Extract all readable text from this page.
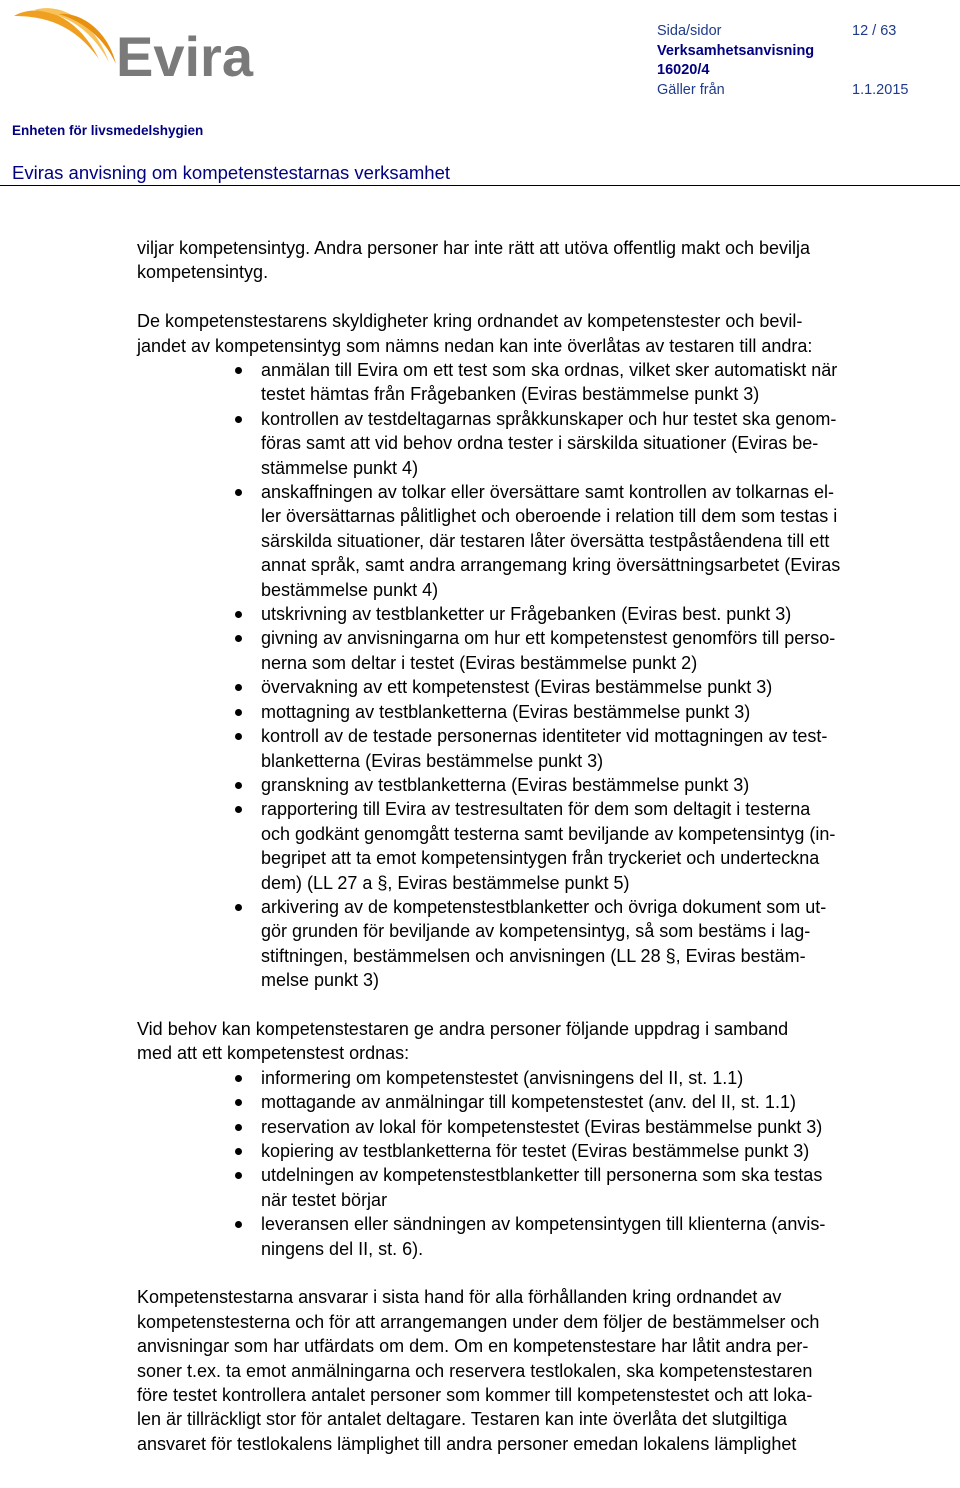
Evira	Sida/sidor	12 / 63
Verksamhetsanvisning
16020/4
Gäller från	1.1.2015
Enheten för livsmedelshygien
Eviras anvisning om kompetenstestarnas verksamhet

viljar kompetensintyg. Andra personer har inte rätt att utöva offentlig makt och bevilja
kompetensintyg.

De kompetenstestarens skyldigheter kring ordnandet av kompetenstester och bevil-
jandet av kompetensintyg som nämns nedan kan inte överlåtas av testaren till andra:

anmälan till Evira om ett test som ska ordnas, vilket sker automatiskt när
testet hämtas från Frågebanken (Eviras bestämmelse punkt 3)
kontrollen av testdeltagarnas språkkunskaper och hur testet ska genom-
föras samt att vid behov ordna tester i särskilda situationer (Eviras be-
stämmelse punkt 4)
anskaffningen av tolkar eller översättare samt kontrollen av tolkarnas el-
ler översättarnas pålitlighet och oberoende i relation till dem som testas i
särskilda situationer, där testaren låter översätta testpåståendena till ett
annat språk, samt andra arrangemang kring översättningsarbetet (Eviras
bestämmelse punkt 4)
utskrivning av testblanketter ur Frågebanken (Eviras best. punkt 3)
givning av anvisningarna om hur ett kompetenstest genomförs till perso-
nerna som deltar i testet (Eviras bestämmelse punkt 2)
övervakning av ett kompetenstest (Eviras bestämmelse punkt 3)
mottagning av testblanketterna (Eviras bestämmelse punkt 3)
kontroll av de testade personernas identiteter vid mottagningen av test-
blanketterna (Eviras bestämmelse punkt 3)
granskning av testblanketterna (Eviras bestämmelse punkt 3)
rapportering till Evira av testresultaten för dem som deltagit i testerna
och godkänt genomgått testerna samt beviljande av kompetensintyg (in-
begripet att ta emot kompetensintygen från tryckeriet och underteckna
dem) (LL 27 a §, Eviras bestämmelse punkt 5)
arkivering av de kompetenstestblanketter och övriga dokument som ut-
gör grunden för beviljande av kompetensintyg, så som bestäms i lag-
stiftningen, bestämmelsen och anvisningen (LL 28 §, Eviras bestäm-
melse punkt 3)

Vid behov kan kompetenstestaren ge andra personer följande uppdrag i samband
med att ett kompetenstest ordnas:

informering om kompetenstestet (anvisningens del II, st. 1.1)
mottagande av anmälningar till kompetenstestet (anv. del II, st. 1.1)
reservation av lokal för kompetenstestet (Eviras bestämmelse punkt 3)
kopiering av testblanketterna för testet (Eviras bestämmelse punkt 3)
utdelningen av kompetenstestblanketter till personerna som ska testas
när testet börjar
leveransen eller sändningen av kompetensintygen till klienterna (anvis-
ningens del II, st. 6).

Kompetenstestarna ansvarar i sista hand för alla förhållanden kring ordnandet av
kompetenstesterna och för att arrangemangen under dem följer de bestämmelser och
anvisningar som har utfärdats om dem. Om en kompetenstestare har låtit andra per-
soner t.ex. ta emot anmälningarna och reservera testlokalen, ska kompetenstestaren
före testet kontrollera antalet personer som kommer till kompetenstestet och att loka-
len är tillräckligt stor för antalet deltagare. Testaren kan inte överlåta det slutgiltiga
ansvaret för testlokalens lämplighet till andra personer emedan lokalens lämplighet
